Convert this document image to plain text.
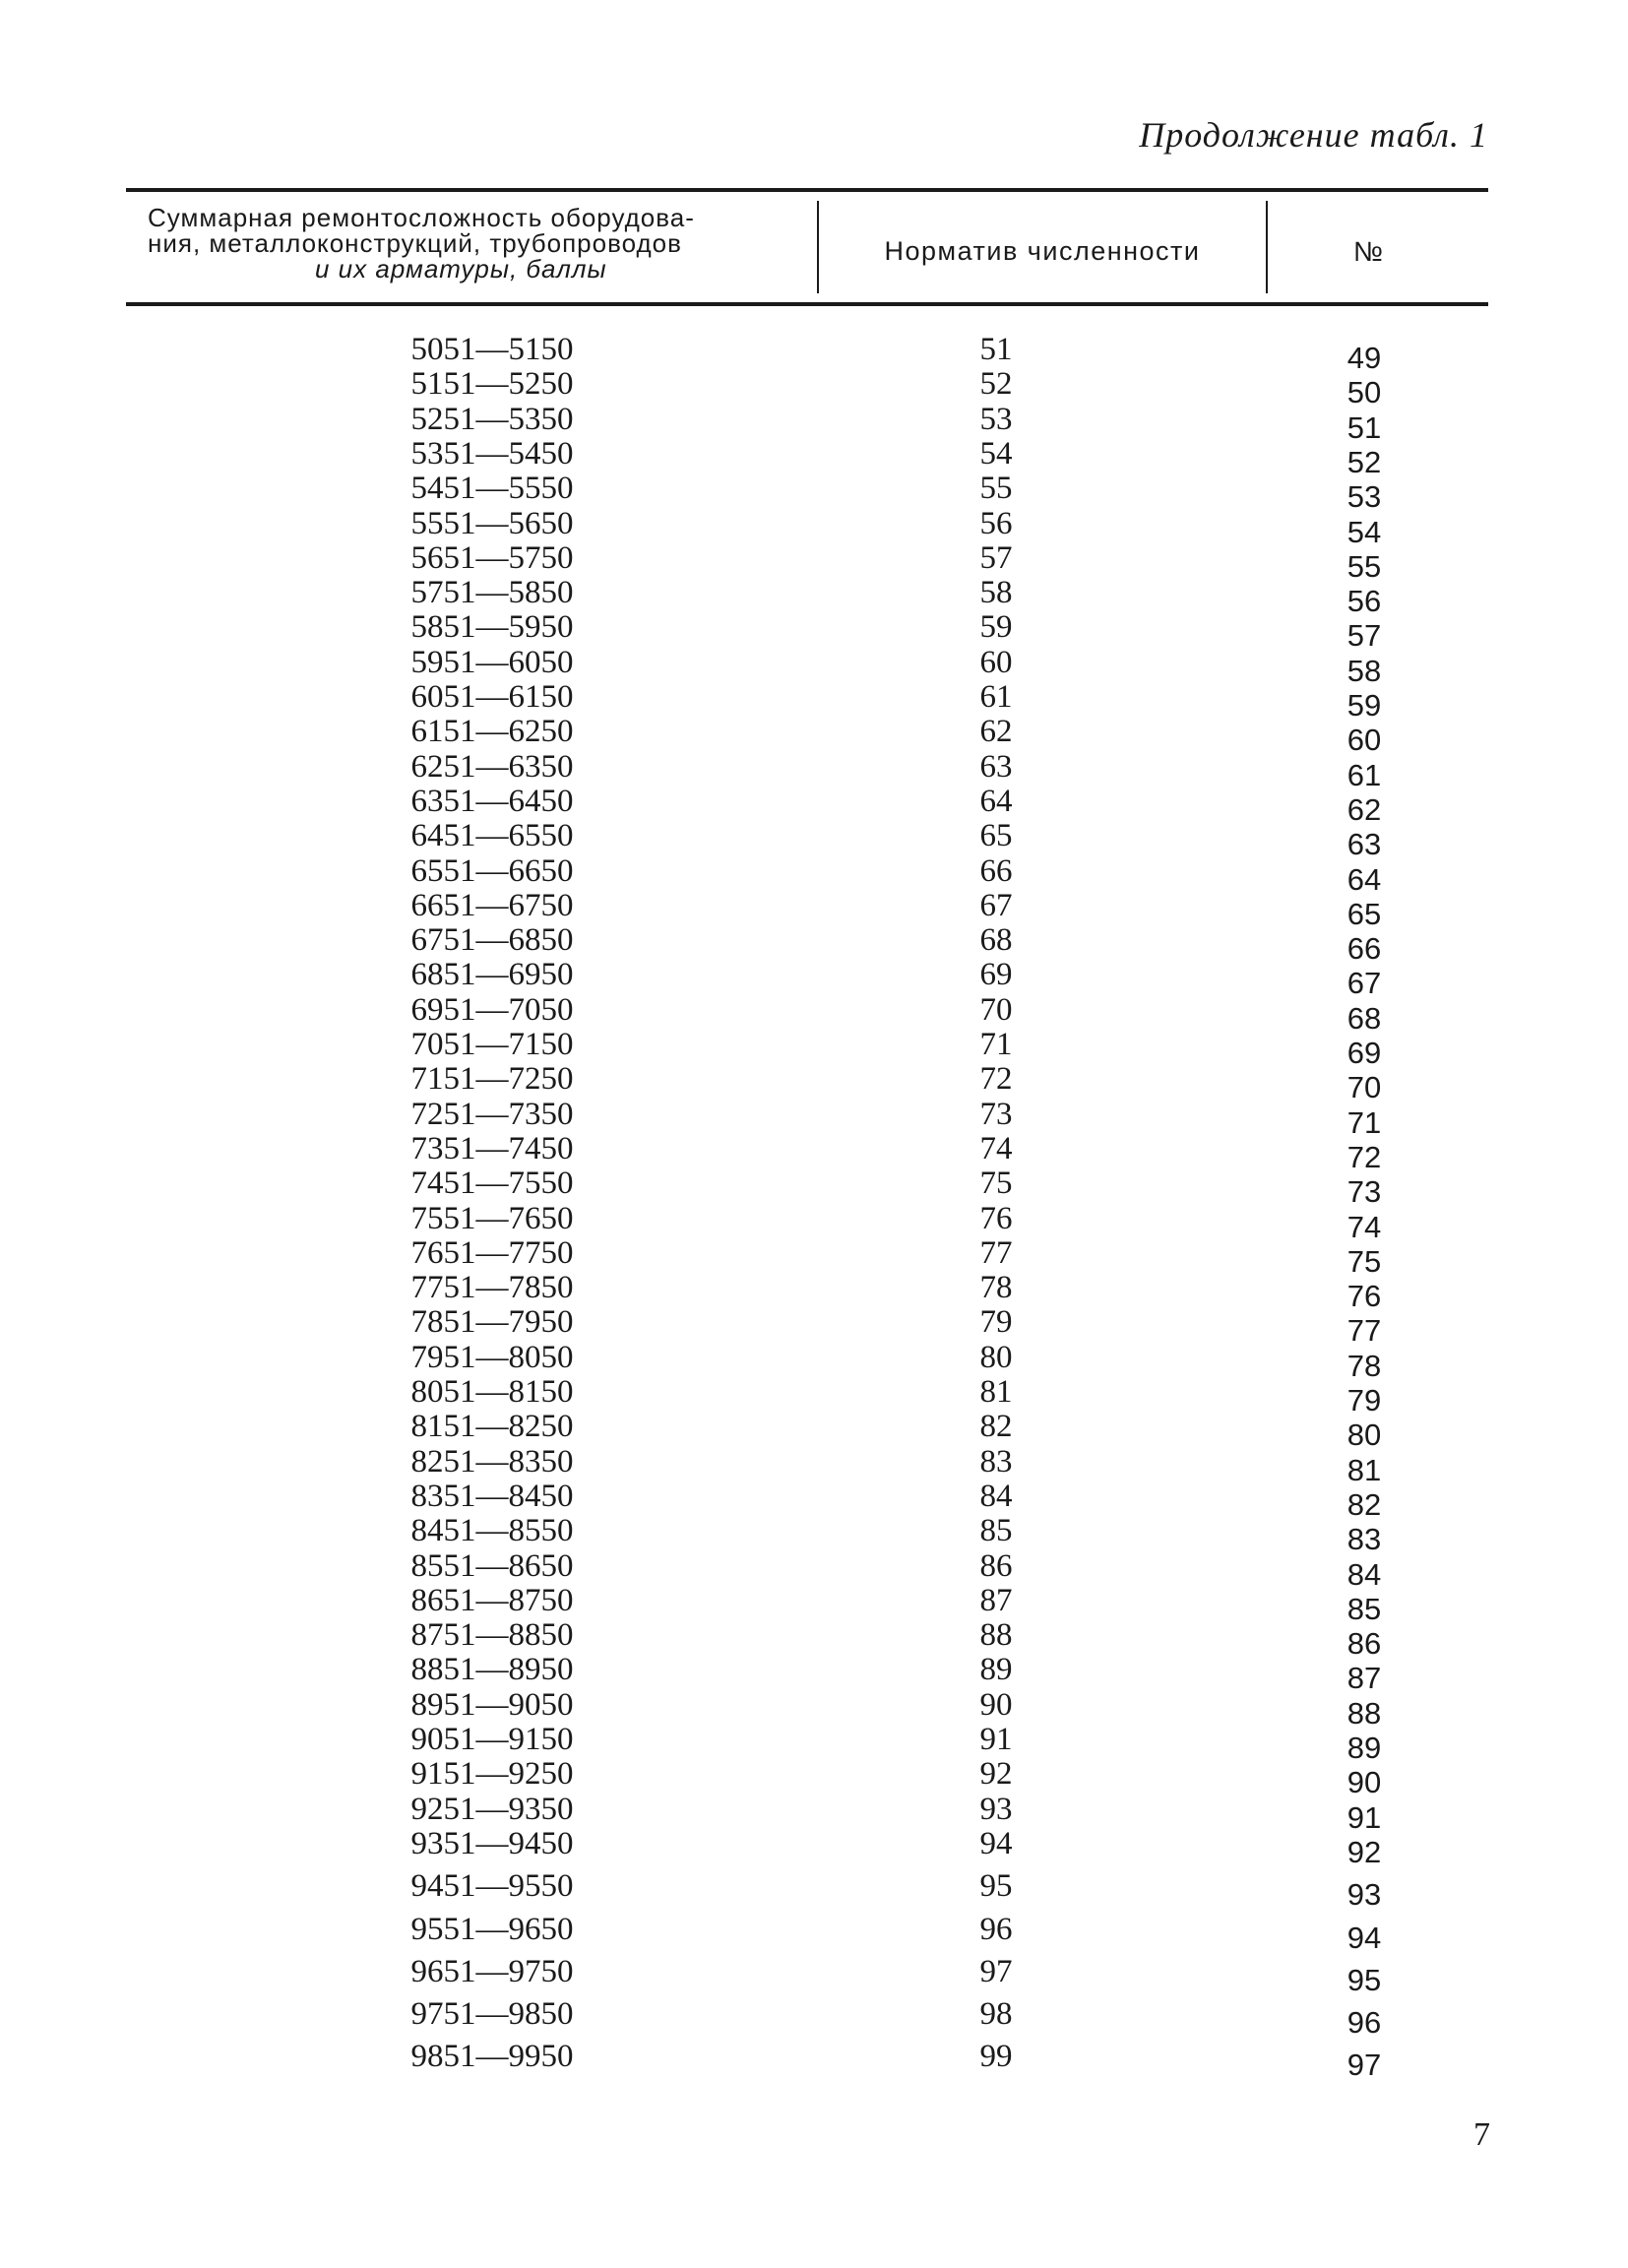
Продолжение табл. 1
Суммарная ремонтосложность оборудова-
ния, металлоконструкций, трубопроводов
и их арматуры, баллы
Норматив численности	№
5051—5150	51	49
5151—5250	52	50
5251—5350	53	51
5351—5450	54	52
5451—5550	55	53
5551—5650	56	54
5651—5750	57	55
5751—5850	58	56
5851—5950	59	57
5951—6050	60	58
6051—6150	61	59
6151—6250	62	60
6251—6350	63	61
6351—6450	64	62
6451—6550	65	63
6551—6650	66	64
6651—6750	67	65
6751—6850	68	66
6851—6950	69	67
6951—7050	70	68
7051—7150	71	69
7151—7250	72	70
7251—7350	73	71
7351—7450	74	72
7451—7550	75	73
7551—7650	76	74
7651—7750	77	75
7751—7850	78	76
7851—7950	79	77
7951—8050	80	78
8051—8150	81	79
8151—8250	82	80
8251—8350	83	81
8351—8450	84	82
8451—8550	85	83
8551—8650	86	84
8651—8750	87	85
8751—8850	88	86
8851—8950	89	87
8951—9050	90	88
9051—9150	91	89
9151—9250	92	90
9251—9350	93	91
9351—9450	94	92
9451—9550	95	93
9551—9650	96	94
9651—9750	97	95
9751—9850	98	96
9851—9950	99	97
7
